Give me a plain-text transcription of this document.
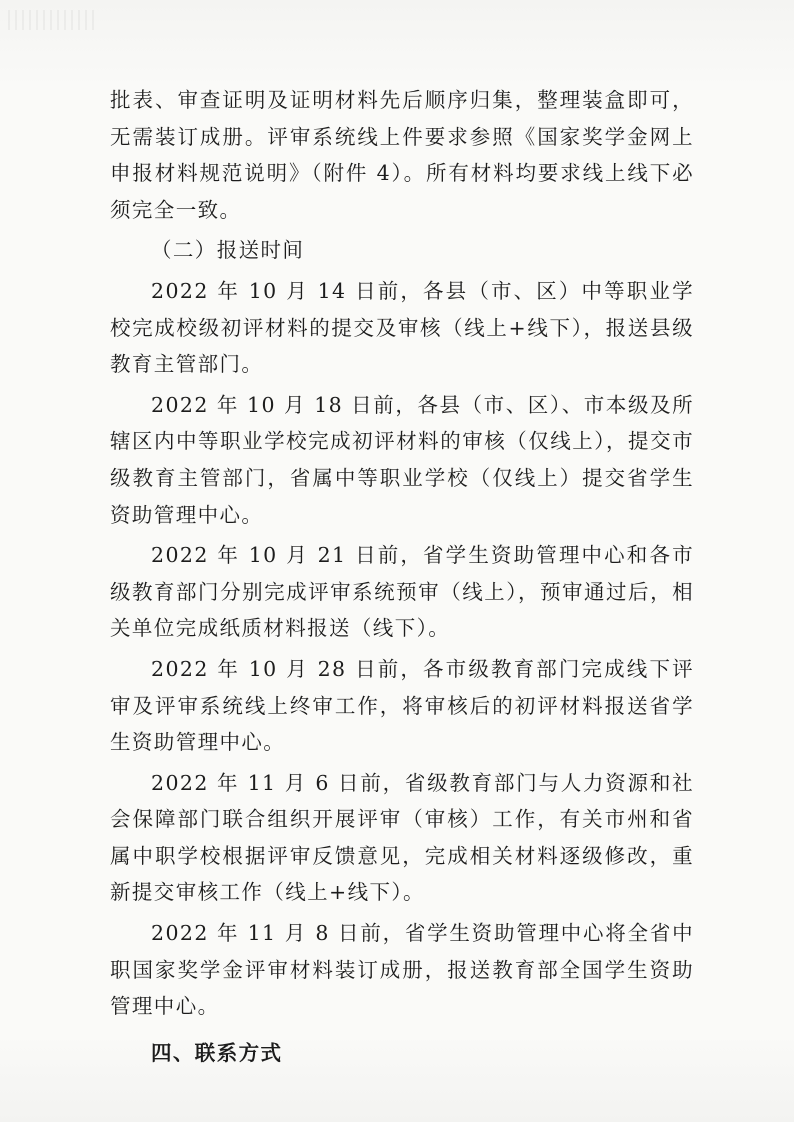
批表、审查证明及证明材料先后顺序归集，整理装盒即可，无需装订成册。评审系统线上件要求参照《国家奖学金网上申报材料规范说明》（附件 4）。所有材料均要求线上线下必须完全一致。

（二）报送时间

2022 年 10 月 14 日前，各县（市、区）中等职业学校完成校级初评材料的提交及审核（线上+线下），报送县级教育主管部门。

2022 年 10 月 18 日前，各县（市、区）、市本级及所辖区内中等职业学校完成初评材料的审核（仅线上），提交市级教育主管部门，省属中等职业学校（仅线上）提交省学生资助管理中心。

2022 年 10 月 21 日前，省学生资助管理中心和各市级教育部门分别完成评审系统预审（线上），预审通过后，相关单位完成纸质材料报送（线下）。

2022 年 10 月 28 日前，各市级教育部门完成线下评审及评审系统线上终审工作，将审核后的初评材料报送省学生资助管理中心。

2022 年 11 月 6 日前，省级教育部门与人力资源和社会保障部门联合组织开展评审（审核）工作，有关市州和省属中职学校根据评审反馈意见，完成相关材料逐级修改，重新提交审核工作（线上+线下）。

2022 年 11 月 8 日前，省学生资助管理中心将全省中职国家奖学金评审材料装订成册，报送教育部全国学生资助管理中心。

四、联系方式
